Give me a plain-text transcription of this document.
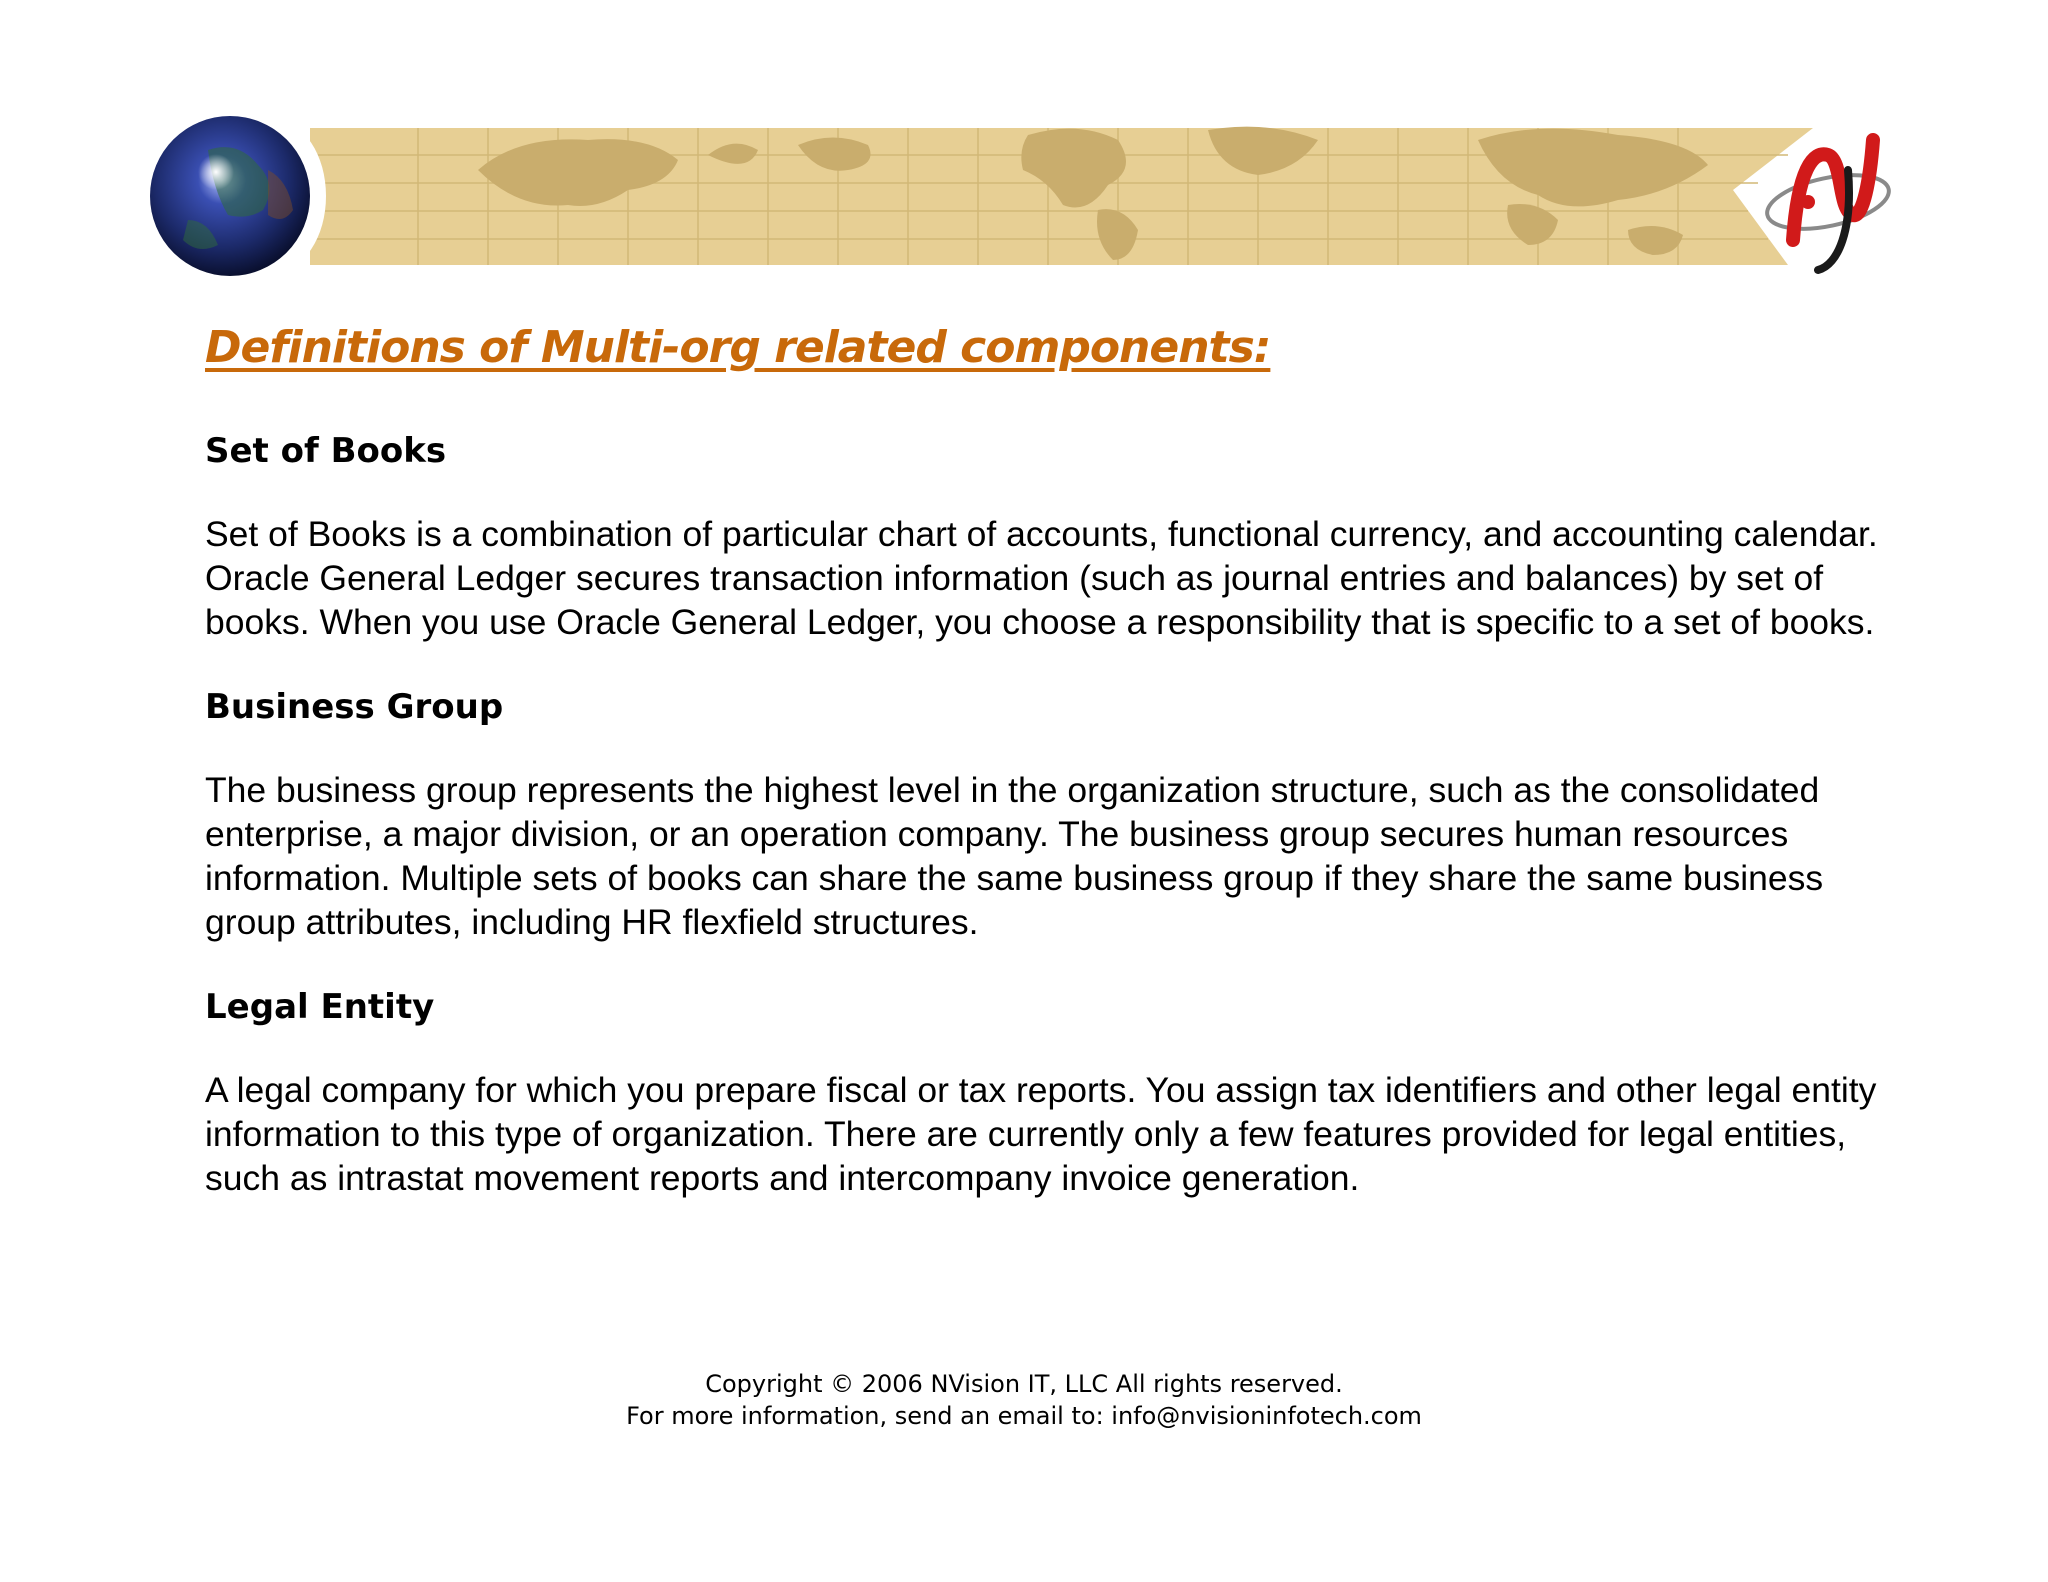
Definitions of Multi-org related components:
Set of Books

Set of Books is a combination of particular chart of accounts, functional currency, and accounting calendar. Oracle General Ledger secures transaction information (such as journal entries and balances) by set of books. When you use Oracle General Ledger, you choose a responsibility that is specific to a set of books.

Business Group

The business group represents the highest level in the organization structure, such as the consolidated enterprise, a major division, or an operation company. The business group secures human resources information. Multiple sets of books can share the same business group if they share the same business group attributes, including HR flexfield structures.

Legal Entity

A legal company for which you prepare fiscal or tax reports. You assign tax identifiers and other legal entity information to this type of organization. There are currently only a few features provided for legal entities, such as intrastat movement reports and intercompany invoice generation.

Copyright © 2006 NVision IT, LLC All rights reserved.
For more information, send an email to: info@nvisioninfotech.com
